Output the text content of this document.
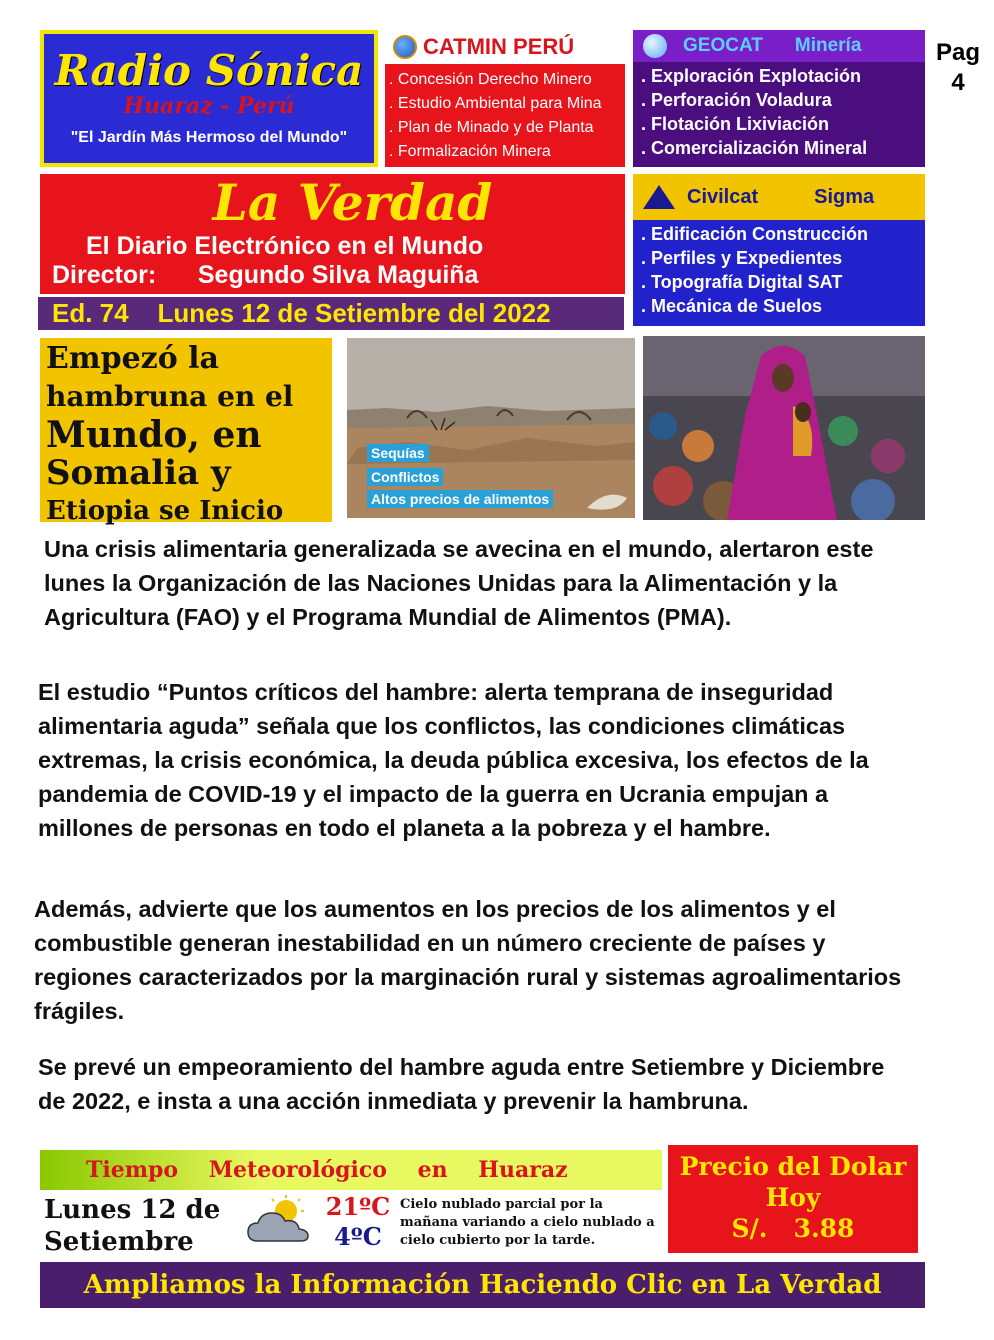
Radio Sónica
Huaraz - Perú
"El Jardín Más Hermoso del Mundo"
CATMIN PERÚ
. Concesión Derecho Minero
. Estudio Ambiental para Mina
. Plan de Minado y de Planta
. Formalización Minera
GEOCAT Minería
. Exploración Explotación
. Perforación Voladura
. Flotación Lixiviación
. Comercialización Mineral
Pag
4
La Verdad
El Diario Electrónico en el Mundo
Director: Segundo Silva Maguiña
Ed. 74 Lunes 12 de Setiembre del 2022
Civilcat	Sigma
. Edificación Construcción
. Perfiles y Expedientes
. Topografía Digital SAT
. Mecánica de Suelos
Empezó la
hambruna en el
Mundo, en
Somalia y
Etiopia se Inicio
Sequías
Conflictos
Altos precios de alimentos
Una crisis alimentaria generalizada se avecina en el mundo, alertaron este lunes la Organización de las Naciones Unidas para la Alimentación y la Agricultura (FAO) y el Programa Mundial de Alimentos (PMA).
El estudio “Puntos críticos del hambre: alerta temprana de inseguridad alimentaria aguda” señala que los conflictos, las condiciones climáticas extremas, la crisis económica, la deuda pública excesiva, los efectos de la pandemia de COVID-19 y el impacto de la guerra en Ucrania empujan a millones de personas en todo el planeta a la pobreza y el hambre.
Además, advierte que los aumentos en los precios de los alimentos y el combustible generan inestabilidad en un número creciente de países y regiones caracterizados por la marginación rural y sistemas agroalimentarios frágiles.
Se prevé un empeoramiento del hambre aguda entre Setiembre y Diciembre de 2022, e insta a una acción inmediata y prevenir la hambruna.
Tiempo    Meteorológico    en    Huaraz
Lunes 12 de
Setiembre
21ºC
4ºC
Cielo nublado parcial por la mañana variando a cielo nublado a cielo cubierto por la tarde.
Precio del Dolar
Hoy
S/. 3.88
Ampliamos la Información Haciendo Clic en La Verdad
